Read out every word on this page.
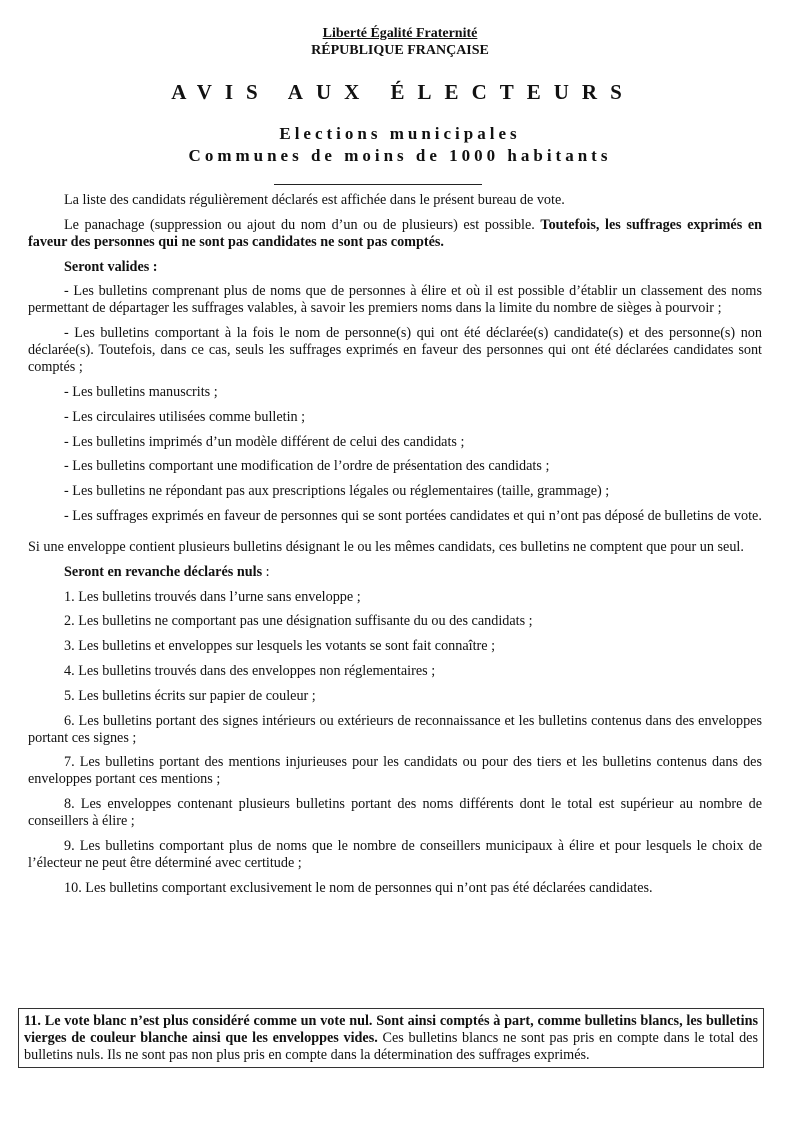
Liberté Égalité Fraternité
RÉPUBLIQUE FRANÇAISE
AVIS AUX ÉLECTEURS
Elections municipales
Communes de moins de 1000 habitants

La liste des candidats régulièrement déclarés est affichée dans le présent bureau de vote.

Le panachage (suppression ou ajout du nom d’un ou de plusieurs) est possible. Toutefois, les suffrages exprimés en faveur des personnes qui ne sont pas candidates ne sont pas comptés.

Seront valides :

- Les bulletins comprenant plus de noms que de personnes à élire et où il est possible d’établir un classement des noms permettant de départager les suffrages valables, à savoir les premiers noms dans la limite du nombre de sièges à pourvoir ;

- Les bulletins comportant à la fois le nom de personne(s) qui ont été déclarée(s) candidate(s) et des personne(s) non déclarée(s). Toutefois, dans ce cas, seuls les suffrages exprimés en faveur des personnes qui ont été déclarées candidates sont comptés ;

- Les bulletins manuscrits ;

- Les circulaires utilisées comme bulletin ;

- Les bulletins imprimés d’un modèle différent de celui des candidats ;

- Les bulletins comportant une modification de l’ordre de présentation des candidats ;

- Les bulletins ne répondant pas aux prescriptions légales ou réglementaires (taille, grammage) ;

- Les suffrages exprimés en faveur de personnes qui se sont portées candidates et qui n’ont pas déposé de bulletins de vote.

Si une enveloppe contient plusieurs bulletins désignant le ou les mêmes candidats, ces bulletins ne comptent que pour un seul.

Seront en revanche déclarés nuls :

1. Les bulletins trouvés dans l’urne sans enveloppe ;

2. Les bulletins ne comportant pas une désignation suffisante du ou des candidats ;

3. Les bulletins et enveloppes sur lesquels les votants se sont fait connaître ;

4. Les bulletins trouvés dans des enveloppes non réglementaires ;

5. Les bulletins écrits sur papier de couleur ;

6. Les bulletins portant des signes intérieurs ou extérieurs de reconnaissance et les bulletins contenus dans des enveloppes portant ces signes ;

7. Les bulletins portant des mentions injurieuses pour les candidats ou pour des tiers et les bulletins contenus dans des enveloppes portant ces mentions ;

8. Les enveloppes contenant plusieurs bulletins portant des noms différents dont le total est supérieur au nombre de conseillers à élire ;

9. Les bulletins comportant plus de noms que le nombre de conseillers municipaux à élire et pour lesquels le choix de l’électeur ne peut être déterminé avec certitude ;

10. Les bulletins comportant exclusivement le nom de personnes qui n’ont pas été déclarées candidates.

11. Le vote blanc n’est plus considéré comme un vote nul. Sont ainsi comptés à part, comme bulletins blancs, les bulletins vierges de couleur blanche ainsi que les enveloppes vides. Ces bulletins blancs ne sont pas pris en compte dans le total des bulletins nuls. Ils ne sont pas non plus pris en compte dans la détermination des suffrages exprimés.
